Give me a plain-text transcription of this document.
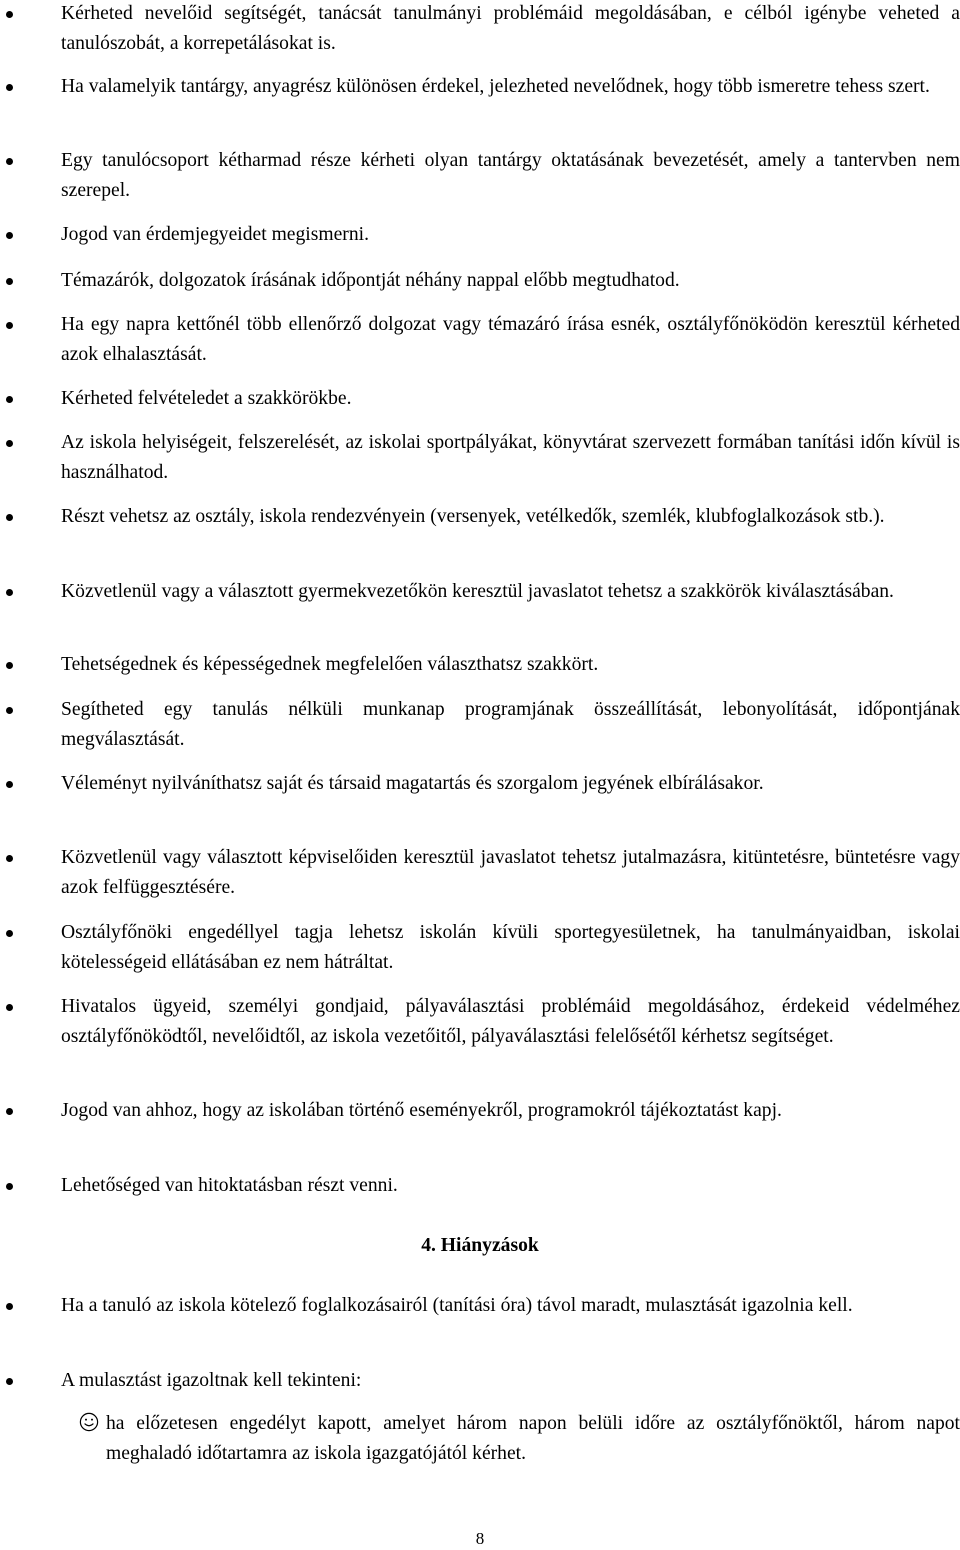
Kérheted nevelőid segítségét, tanácsát tanulmányi problémáid megoldásában, e célból igénybe veheted a tanulószobát, a korrepetálásokat is.
Ha valamelyik tantárgy, anyagrész különösen érdekel, jelezheted nevelődnek, hogy több ismeretre tehess szert.
Egy tanulócsoport kétharmad része kérheti olyan tantárgy oktatásának bevezetését, amely a tantervben nem szerepel.
Jogod van érdemjegyeidet megismerni.
Témazárók, dolgozatok írásának időpontját néhány nappal előbb megtudhatod.
Ha egy napra kettőnél több ellenőrző dolgozat vagy témazáró írása esnék, osztályfőnöködön keresztül kérheted azok elhalasztását.
Kérheted felvételedet a szakkörökbe.
Az iskola helyiségeit, felszerelését, az iskolai sportpályákat, könyvtárat szervezett formában tanítási időn kívül is használhatod.
Részt vehetsz az osztály, iskola rendezvényein (versenyek, vetélkedők, szemlék, klubfoglalkozások stb.).
Közvetlenül vagy a választott gyermekvezetőkön keresztül javaslatot tehetsz a szakkörök kiválasztásában.
Tehetségednek és képességednek megfelelően választhatsz szakkört.
Segítheted egy tanulás nélküli munkanap programjának összeállítását, lebonyolítását, időpontjának megválasztását.
Véleményt nyilváníthatsz saját és társaid magatartás és szorgalom jegyének elbírálásakor.
Közvetlenül vagy választott képviselőiden keresztül javaslatot tehetsz jutalmazásra, kitüntetésre, büntetésre vagy azok felfüggesztésére.
Osztályfőnöki engedéllyel tagja lehetsz iskolán kívüli sportegyesületnek, ha tanulmányaidban, iskolai kötelességeid ellátásában ez nem hátráltat.
Hivatalos ügyeid, személyi gondjaid, pályaválasztási problémáid megoldásához, érdekeid védelméhez osztályfőnöködtől, nevelőidtől, az iskola vezetőitől, pályaválasztási felelősétől kérhetsz segítséget.
Jogod van ahhoz, hogy az iskolában történő eseményekről, programokról tájékoztatást kapj.
Lehetőséged van hitoktatásban részt venni.
Ha a tanuló az iskola kötelező foglalkozásairól (tanítási óra) távol maradt, mulasztását igazolnia kell.
A mulasztást igazoltnak kell tekinteni:
4. Hiányzások
ha előzetesen engedélyt kapott, amelyet három napon belüli időre az osztályfőnöktől, három napot meghaladó időtartamra az iskola igazgatójától kérhet.
8
